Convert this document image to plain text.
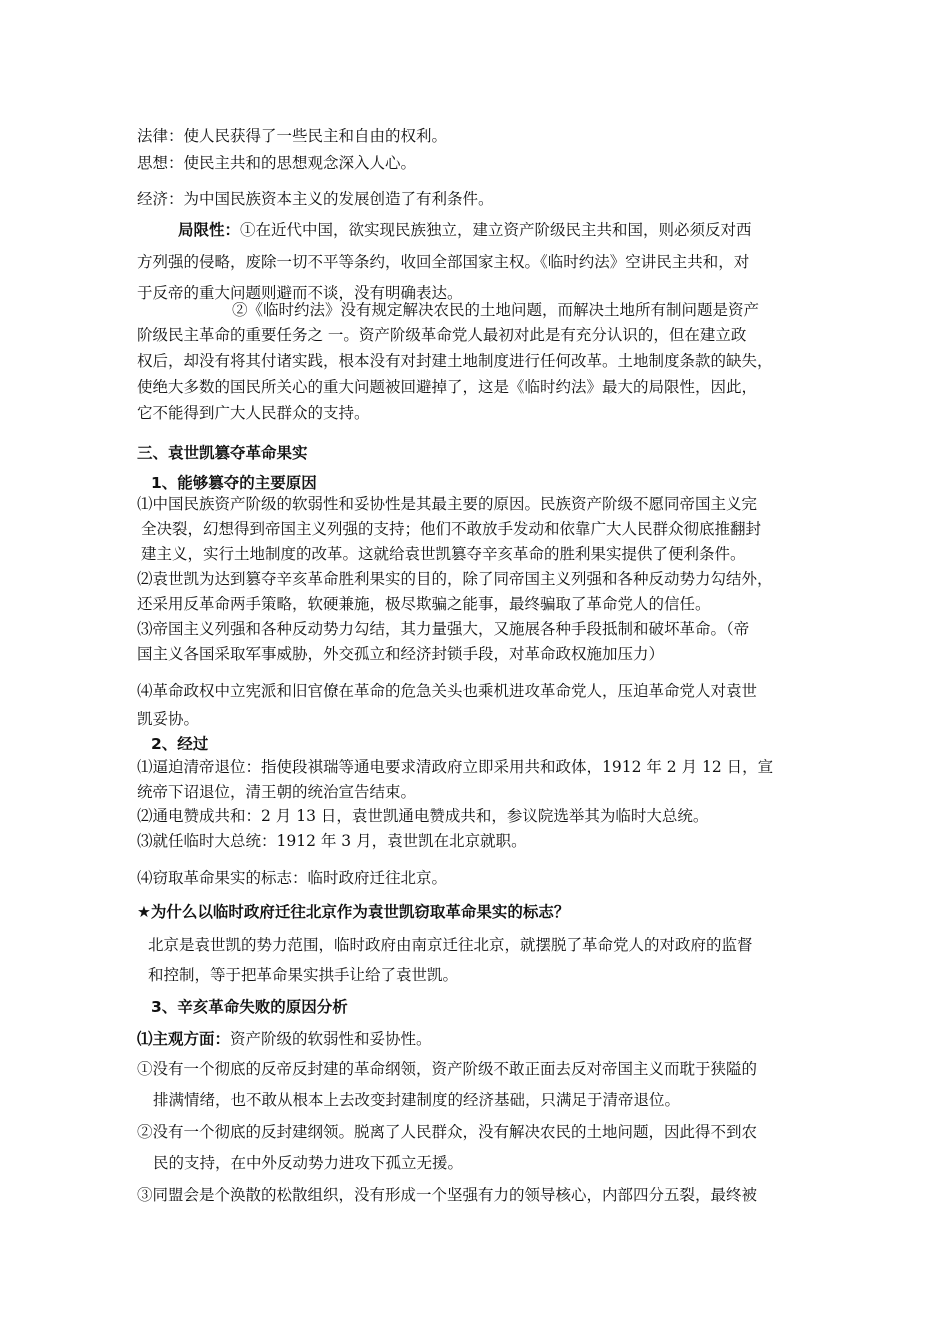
法律：使人民获得了一些民主和自由的权利。
思想：使民主共和的思想观念深入人心。
经济：为中国民族资本主义的发展创造了有利条件。
局限性：①在近代中国，欲实现民族独立，建立资产阶级民主共和国，则必须反对西
方列强的侵略，废除一切不平等条约，收回全部国家主权。《临时约法》空讲民主共和，对
于反帝的重大问题则避而不谈，没有明确表达。
②《临时约法》没有规定解决农民的土地问题，而解决土地所有制问题是资产
阶级民主革命的重要任务之 一。资产阶级革命党人最初对此是有充分认识的，但在建立政
权后，却没有将其付诸实践，根本没有对封建土地制度进行任何改革。土地制度条款的缺失，
使绝大多数的国民所关心的重大问题被回避掉了，这是《临时约法》最大的局限性，因此，
它不能得到广大人民群众的支持。
三、袁世凯篡夺革命果实
1、能够篡夺的主要原因
⑴中国民族资产阶级的软弱性和妥协性是其最主要的原因。民族资产阶级不愿同帝国主义完
全决裂，幻想得到帝国主义列强的支持；他们不敢放手发动和依靠广大人民群众彻底推翻封
建主义，实行土地制度的改革。这就给袁世凯篡夺辛亥革命的胜利果实提供了便利条件。
⑵袁世凯为达到篡夺辛亥革命胜利果实的目的，除了同帝国主义列强和各种反动势力勾结外，
还采用反革命两手策略，软硬兼施，极尽欺骗之能事，最终骗取了革命党人的信任。
⑶帝国主义列强和各种反动势力勾结，其力量强大，又施展各种手段抵制和破坏革命。（帝
国主义各国采取军事威胁，外交孤立和经济封锁手段，对革命政权施加压力）
⑷革命政权中立宪派和旧官僚在革命的危急关头也乘机进攻革命党人，压迫革命党人对袁世
凯妥协。
2、经过
⑴逼迫清帝退位：指使段祺瑞等通电要求清政府立即采用共和政体，1912 年 2 月 12 日，宣
统帝下诏退位，清王朝的统治宣告结束。
⑵通电赞成共和：2 月 13 日，袁世凯通电赞成共和，参议院选举其为临时大总统。
⑶就任临时大总统：1912 年 3 月，袁世凯在北京就职。
⑷窃取革命果实的标志：临时政府迁往北京。
★为什么以临时政府迁往北京作为袁世凯窃取革命果实的标志？
北京是袁世凯的势力范围，临时政府由南京迁往北京，就摆脱了革命党人的对政府的监督
和控制，等于把革命果实拱手让给了袁世凯。
3、辛亥革命失败的原因分析
⑴主观方面：资产阶级的软弱性和妥协性。
①没有一个彻底的反帝反封建的革命纲领，资产阶级不敢正面去反对帝国主义而耽于狭隘的
排满情绪，也不敢从根本上去改变封建制度的经济基础，只满足于清帝退位。
②没有一个彻底的反封建纲领。脱离了人民群众，没有解决农民的土地问题，因此得不到农
民的支持，在中外反动势力进攻下孤立无援。
③同盟会是个涣散的松散组织，没有形成一个坚强有力的领导核心，内部四分五裂，最终被
